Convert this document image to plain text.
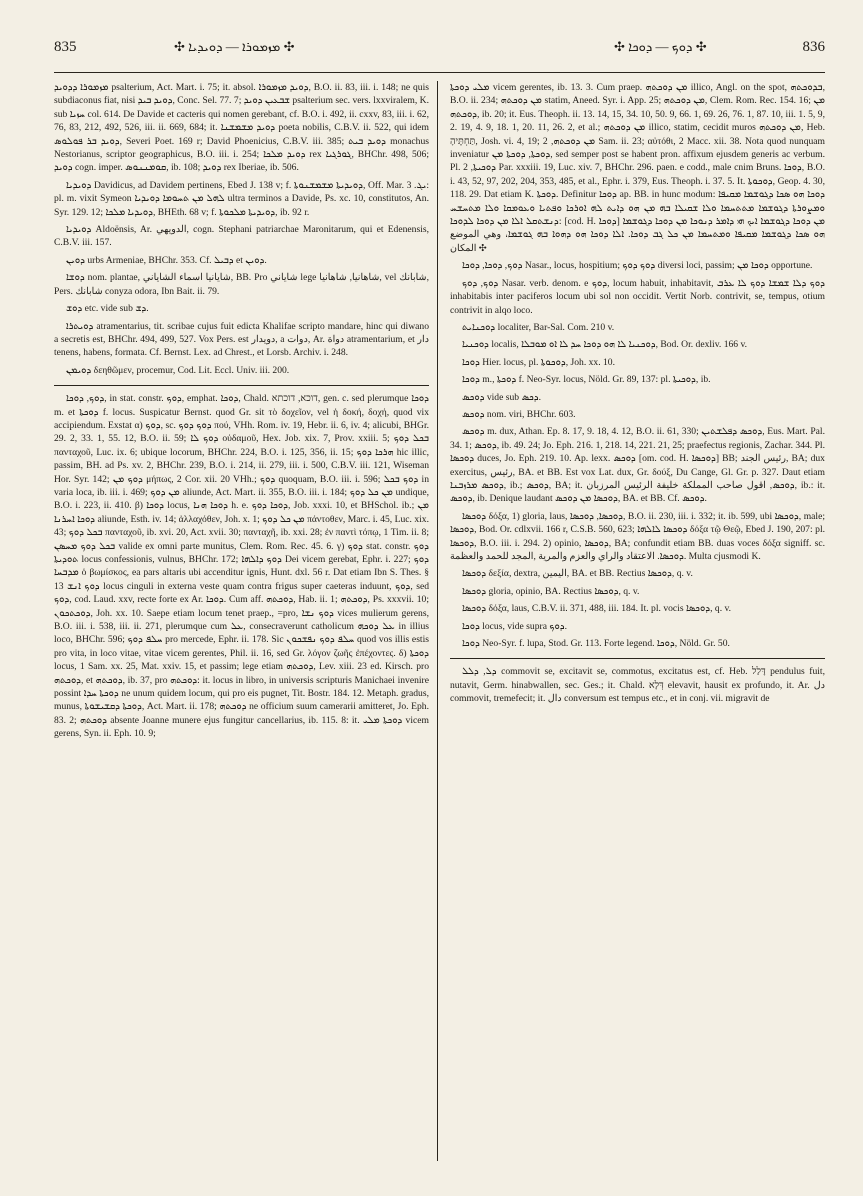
835	✣ ܡܙܡܘܪܐ — ܕܘܝܕܝܐ ✣	✣ ܕܘܟ — ܕܘܟܐ ✣	836

ܡܙܡܘܪܐ ܕܕܘܝܕ psalterium, Act. Mart. i. 75; it. absol. ܕܘܝܕ ܡܙܡܘܪܐ, B.O. ii. 83, iii. i. 148; ne quis subdiaconus fiat, nisi ܕܘܝܕ ܒܝܕ, Conc. Sel. 77. 7; ܫܒܥܝܢ ܕܘܝܕ psalterium sec. vers. lxxviralem, K. sub ܚܙܝܐ col. 614. De Davide et cacteris qui nomen gerebant, cf. B.O. i. 492, ii. cxxv, 83, iii. i. 62, 76, 83, 212, 492, 526, iii. ii. 669, 684; it. ܕܘܝܕ ܡܫܡܫܢܐ poeta nobilis, C.B.V. ii. 522, qui idem ܕܘܝܕ ܒܪ ܦܘܠܘܣ, Severi Poet. 169 r; David Phoenicius, C.B.V. iii. 385; ܕܘܝܕ ܒܝܬ monachus Nestorianus, scriptor geographicus, B.O. iii. i. 254; ܕܘܝܕ ܡܠܟܐ rex ܓܘܪܓܝܐ, BHChr. 498, 506; ܕܘܝܕ cogn. imper. ܩܘܡܢܢܘܣ, ib. 108; ܕܘܝܕ rex Iberiae, ib. 506.

ܕܘܝܕܝܐ Davidicus, ad Davidem pertinens, Ebed J. 138 v; f. ܕܘܝܕܝܬܐ ܡܫܡܫܢܘܬܐ, Off. Mar. ܝܓ. 3: pl. m. vixit Symeon ܠܗܠ ܡܢ ܬܚܘܡܐ ܕܘܝܕܝܐ ultra terminos a Davide, Ps. xc. 10, constitutos, An. Syr. 129. 12; ܕܘܝܕܝܐ ܡܠܟܐ, BHEth. 68 v; f. ܕܘܝܕܝܬܐ ܡܠܟܘܬܐ, ib. 92 r.

ܕܘܝܕܝܐ Aldoënsis, Ar. الدويهي, cogn. Stephani patriarchae Maronitarum, qui et Edenensis, C.B.V. iii. 157.

ܕܘܝܢ urbs Armeniae, BHChr. 353. Cf. ܕܒܝܠ et ܕܘܝܢ.

ܕܘܫܐ nom. plantae, شايانيا اسماء الشاياني, BB. Pro شاياني lege شاهانيا, شاهانيا, vel شابانك, Pers. شابانك conyza odora, Ibn Bait. ii. 79.

ܕܘܫ etc. vide sub ܕܫ.

ܕܘܝܬܪܐ atramentarius, tit. scribae cujus fuit edicta Khalifae scripto mandare, hinc qui diwano a secretis est, BHChr. 494, 499, 527. Vox Pers. est دويدار, a دوات, Ar. دواة atramentarium, et دار tenens, habens, formata. Cf. Bernst. Lex. ad Chrest., et Lorsb. Archiv. i. 248.

ܕܘܝܡܢ δεηθῶμεν, procemur, Cod. Lit. Eccl. Univ. iii. 200.

ܕܘܟ, ܕܘܟܐ, in stat. constr. ܕܘܟ, emphat. ܕܘܟܐ, Chald. דוכא, דוכתא, gen. c. sed plerumque ܕܘܟܐ m. et ܕܘܟܬܐ f. locus. Suspicatur Bernst. quod Gr. sit τὸ δοχεῖον, vel ἡ δοκή, δοχή, quod vix accipiendum. Exstat α) ܕܘܟ, sc. ܕܘܟ ܕܘܟ πού, VHh. Rom. iv. 19, Hebr. ii. 6, iv. 4; alicubi, BHGr. 29. 2, 33. 1, 55. 12, B.O. ii. 59; ܕܘܟ ܠܐ οὐδαμοῦ, Hex. Job. xix. 7, Prov. xxiii. 5; ܒܟܠ ܕܘܟ πανταχοῦ, Luc. ix. 6; ubique locorum, BHChr. 224, B.O. i. 125, 356, ii. 15; ܗܪܟܐ ܕܘܟ hic illic, passim, BH. ad Ps. xv. 2, BHChr. 239, B.O. i. 214, ii. 279, iii. i. 500, C.B.V. iii. 121, Wiseman Hor. Syr. 142; ܕܘܟ ܡܢ μήπως, 2 Cor. xii. 20 VHh.; ܕܘܟ quoquam, B.O. iii. i. 596; ܕܘܟ ܒܟܠ in varia loca, ib. iii. i. 469; ܡܢ ܕܘܟ aliunde, Act. Mart. ii. 355, B.O. iii. i. 184; ܡܢ ܟܠ ܕܘܟ undique, B.O. i. 223, ii. 410. β) ܕܘܟܐ locus, ܕܘܟܐ ܗܢܐ h. e. ܕܘܟܐ ܕܘܟ, Job. xxxi. 10, et BHSchol. ib.; ܡܢ ܕܘܟܐ ܐܚܪܢܐ aliunde, Esth. iv. 14; ἀλλαχόθεν, Joh. x. 1; ܡܢ ܟܠ ܕܘܟ πάντοθεν, Marc. i. 45, Luc. xix. 43; ܒܟܠ ܕܘܟ πανταχοῦ, ib. xvi. 20, Act. xvii. 30; πανταχῆ, ib. xxi. 28; ἐν παντὶ τόπῳ, 1 Tim. ii. 8; ܒܟܠ ܕܘܟ ܡܚܣܢ valide ex omni parte munitus, Clem. Rom. Rec. 45. 6. γ) ܕܘܟ stat. constr. ܕܘܟ ܬܘܕܝܬܐ locus confessionis, vulnus, BHChr. 172; ܕܘܟ ܕܐܠܗܐ Dei vicem gerebat, Ephr. i. 227; ܕܘܟ ܡܕܒܚܐ ὁ βωμίσκος, ea pars altaris ubi accenditur ignis, Hunt. dxl. 56 r. Dat etiam Ibn S. Thes. § 13 ܕܘܟ ܐܢܫ locus cinguli in externa veste quam contra frigus super caeteras induunt, ܕܘܟ, sed ܕܘܟ, cod. Laud. xxv, recte forte ex Ar. ܕܘܟܐ. Cum aff. ܕܘܟܬܗ, Hab. ii. 1; ܕܘܟܬܗ, Ps. xxxvii. 10; ܕܘܟܬܟܘܢ, Joh. xx. 10. Saepe etiam locum tenet praep., =pro, ܕܘܟ ܢܫܐ vices mulierum gerens, B.O. iii. i. 538, iii. ii. 271, plerumque cum ܥܠ, consecraverunt catholicum ܥܠ ܕܘܟܗ in illius loco, BHChr. 596; ܚܠܦ ܕܘܟ pro mercede, Ephr. ii. 178. Sic ܚܠܦ ܕܘܟ ܢܦܫܟܘܢ quod vos illis estis pro vita, in loco vitae, vitae vicem gerentes, Phil. ii. 16, sed Gr. λόγον ζωῆς ἐπέχοντες. δ) ܕܘܟܬܐ locus, 1 Sam. xx. 25, Mat. xxiv. 15, et passim; lege etiam ܕܘܟܬܗ, Lev. xiii. 23 ed. Kirsch. pro ܕܘܟܬܗ, et ܕܘܟܬܗ, ib. 37, pro ܕܘܟܬܗ: it. locus in libro, in universis scripturis Manichaei invenire possint ܕܘܟܬܐ ܚܕܐ ne unum quidem locum, qui pro eis pugnet, Tit. Bostr. 184. 12. Metaph. gradus, munus, ܕܘܟܬܐ ܕܩܫܝܫܘܬܐ, Act. Mart. ii. 178; ܕܘܟܬܗ ne officium suum camerarii amitteret, Jo. Eph. 83. 2; ܕܘܟܬܗ absente Joanne munere ejus fungitur cancellarius, ib. 115. 8: it. ܕܘܟܬܐ ܡܠܝ vicem gerens, Syn. ii. Eph. 10. 9;

ܡܠܝ ܕܘܟܬܐ vicem gerentes, ib. 13. 3. Cum praep. ܡܢ ܕܘܟܬܗ illico, Angl. on the spot, ܒܕܘܟܬܗ, B.O. ii. 234; ܡܢ ܕܘܟܬܗ statim, Aneed. Syr. i. App. 25; ܡܢ ܕܘܟܬܗ, Clem. Rom. Rec. 154. 16; ܡܢ ܕܘܟܬܗ, ib. 20; it. Eus. Theoph. ii. 13. 14, 15, 34. 10, 50. 9, 66. 1, 69. 26, 76. 1, 87. 10, iii. 1. 5, 9, 2. 19, 4. 9, 18. 1, 20. 11, 26. 2, et al.; ܡܢ ܕܘܟܬܗ illico, statim, cecidit muros ܡܢ ܕܘܟܬܗ, Heb. תַּחְתֶּיהָ, Josh. vi. 4, 19; ܡܢ ܕܘܟܬܗ, 2 Sam. ii. 23; αὐτόθι, 2 Macc. xii. 38. Nota quod nunquam inveniatur ܕܘܟܬܐ, ܕܘܟܬܐ ܡܢ, sed semper post se habent pron. affixum ejusdem generis ac verbum. Pl. ܕܘܟܝܬܐ, 2 Par. xxxiii. 19, Luc. xiv. 7, BHChr. 296. paen. e codd., male cnim Bruns. ܕܘܟܐ, B.O. i. 43, 52, 97, 202, 204, 353, 485, et al., Ephr. i. 379, Eus. Theoph. i. 37. 5. It. ܕܘܟܘܬܐ, Geop. 4. 30, 118. 29. Dat etiam K. ܕܘܟܬܐ. Definitur ܕܘܟܐ ap. BB. in hunc modum: ܕܘܟܐ ܗܘ ܣܟܐ ܕܓܘܫܡܐ ܡܩܝܦܐ ܘܡܨܘܪܬܐ ܕܓܘܫܡܐ ܡܬܬܚܡܐ ܘܠܐ ܫܩܝܠܐ ܒܗ ܡܢ ܗܘ ܕܐܝܬ ܠܗ ܐܘܪܟܐ ܘܦܬܝܐ ܘܥܘܡܩܐ ܘܠܐ ܡܬܚܫܚ ܕܢܫܬܩܠ ܐܠܐ ܡܢ ܕܘܟܐ ܠܕܘܟܐ: [cod. H. ܕܘܟܐ] ܡܢ ܕܘܟܐ ܕܓܘܫܡܐ ܐܝܟ ܗܝ ܕܐܡܪ ܕܢܘܟܐ ܡܢ ܕܘܟܐ ܕܓܘܫܡܐ ܗܘ ܣܟܐ ܕܓܘܫܡܐ ܡܩܝܦܐ ܘܡܬܚܡܐ ܡܢ ܟܠ ܓܒ ܕܘܟܐ. ܐܠܐ ܕܘܟܐ ܗܘ ܕܗܘܐ ܒܗ ܓܘܫܡܐ، وهي الموضع المكان ✣

ܕܘܟ, ܕܘܟܐ, ܕܘܟܐ Nasar., locus, hospitium; ܕܘܟ ܕܘܟ diversi loci, passim; ܕܘܟܐ ܡܢ opportune.

ܕܘܟ, ܕܘܟ Nasar. verb. denom. e ܕܘܟ, locum habuit, inhabitavit, ܕܘܟ ܕܠܐ ܫܡܫܐ ܕܘܟ ܠܐ ܥܪܒ inhabitabis inter paciferos locum ubi sol non occidit. Vertit Norb. contrivit, se, tempus, otium contrivit in alqo loco.

ܕܘܟܢܐܝܬ localiter, Bar-Sal. Com. 210 v.

ܕܘܟܢܝܐ localis, ܕܘܟܢܝܐ ܠܐ ܗܘ ܕܘܟܐ ܚܕ ܠܐ ܐܘ ܡܘܒܠܐ, Bod. Or. dexliv. 166 v.

ܕܘܟܐ Hier. locus, pl. ܕܘܟܘܬܐ, Joh. xx. 10.

ܕܘܟܐ m., ܕܘܟܬܐ f. Neo-Syr. locus, Nöld. Gr. 89, 137: pl. ܕܘܟܝܬܐ, ib.

ܕܘܟܣ vide sub ܕܟܣ.

ܕܘܟܣ nom. viri, BHChr. 603.

ܕܘܟܣ m. dux, Athan. Ep. 8. 17, 9. 18, 4. 12, B.O. ii. 61, 330; ܕܘܟܣ ܕܦܠܫܬܝܢ, Eus. Mart. Pal. 34. 1; ܕܘܟܣ, ib. 49. 24; Jo. Eph. 216. 1, 218. 14, 221. 21, 25; praefectus regionis, Zachar. 344. Pl. ܕܘܟܣܐ duces, Jo. Eph. 219. 10. Ap. lexx. ܕܘܟܣ [om. cod. H. ܕܘܟܣܐ] BB; رئيس الجند, BA; dux exercitus, رئيس, BA. et BB. Est vox Lat. dux, Gr. δούξ, Du Cange, Gl. Gr. p. 327. Daut etiam ܕܘܟܣ ܡܪܙܒܢܐ, ib.; ܕܘܟܣ, BA; it. ܕܘܟܣ, اقول صاحب المملكة خليفة الرئيس المرزبان, ib.: it. ܕܘܟܣ, ib. Denique laudant ܕܘܟܣܐ ܡܢ ܕܘܟܣ, BA. et BB. Cf. ܕܘܟܣ.

ܕܘܟܣܐ δόξα, 1) gloria, laus, ܕܘܟܣܐ, ܕܘܟܣܐ, B.O. ii. 230, iii. i. 332; it. ib. 599, ubi ܕܘܟܣܐ, male; ܕܘܟܣܐ, Bod. Or. cdlxvii. 166 r, C.S.B. 560, 623; ܕܘܟܣܐ ܠܐܠܗܐ δόξα τῷ Θεῷ, Ebed J. 190, 207: pl. ܕܘܟܣܐ, B.O. iii. i. 294. 2) opinio, ܕܘܟܣܐ, BA; confundit etiam BB. duas voces δόξα signiff. sc. ܕܘܟܣܐ. الاعتقاد والراي والعزم والمرية ,المجد للحمد والعظمة. Multa cjusmodi K.

ܕܘܟܣܐ δεξία, dextra, اليمين, BA. et BB. Rectius ܕܘܟܣܐ, q. v.

ܕܘܟܣܐ gloria, opinio, BA. Rectius ܕܘܟܣܐ, q. v.

ܕܘܟܣܐ δόξα, laus, C.B.V. ii. 371, 488, iii. 184. It. pl. vocis ܕܘܟܣܐ, q. v.

ܕܘܟܐ locus, vide supra ܕܘܟ.

ܕܘܟܐ Neo-Syr. f. lupa, Stod. Gr. 113. Forte legend. ܕܘܟܐ, Nöld. Gr. 50.

ܕܠ, ܕܠܠ commovit se, excitavit se, commotus, excitatus est, cf. Heb. דָּלַל pendulus fuit, nutavit, Germ. hinabwallen, sec. Ges.; it. Chald. דְּלָא elevavit, hausit ex profundo, it. Ar. دل commovit, tremefecit; it. دال conversum est tempus etc., et in conj. vii. migravit de
